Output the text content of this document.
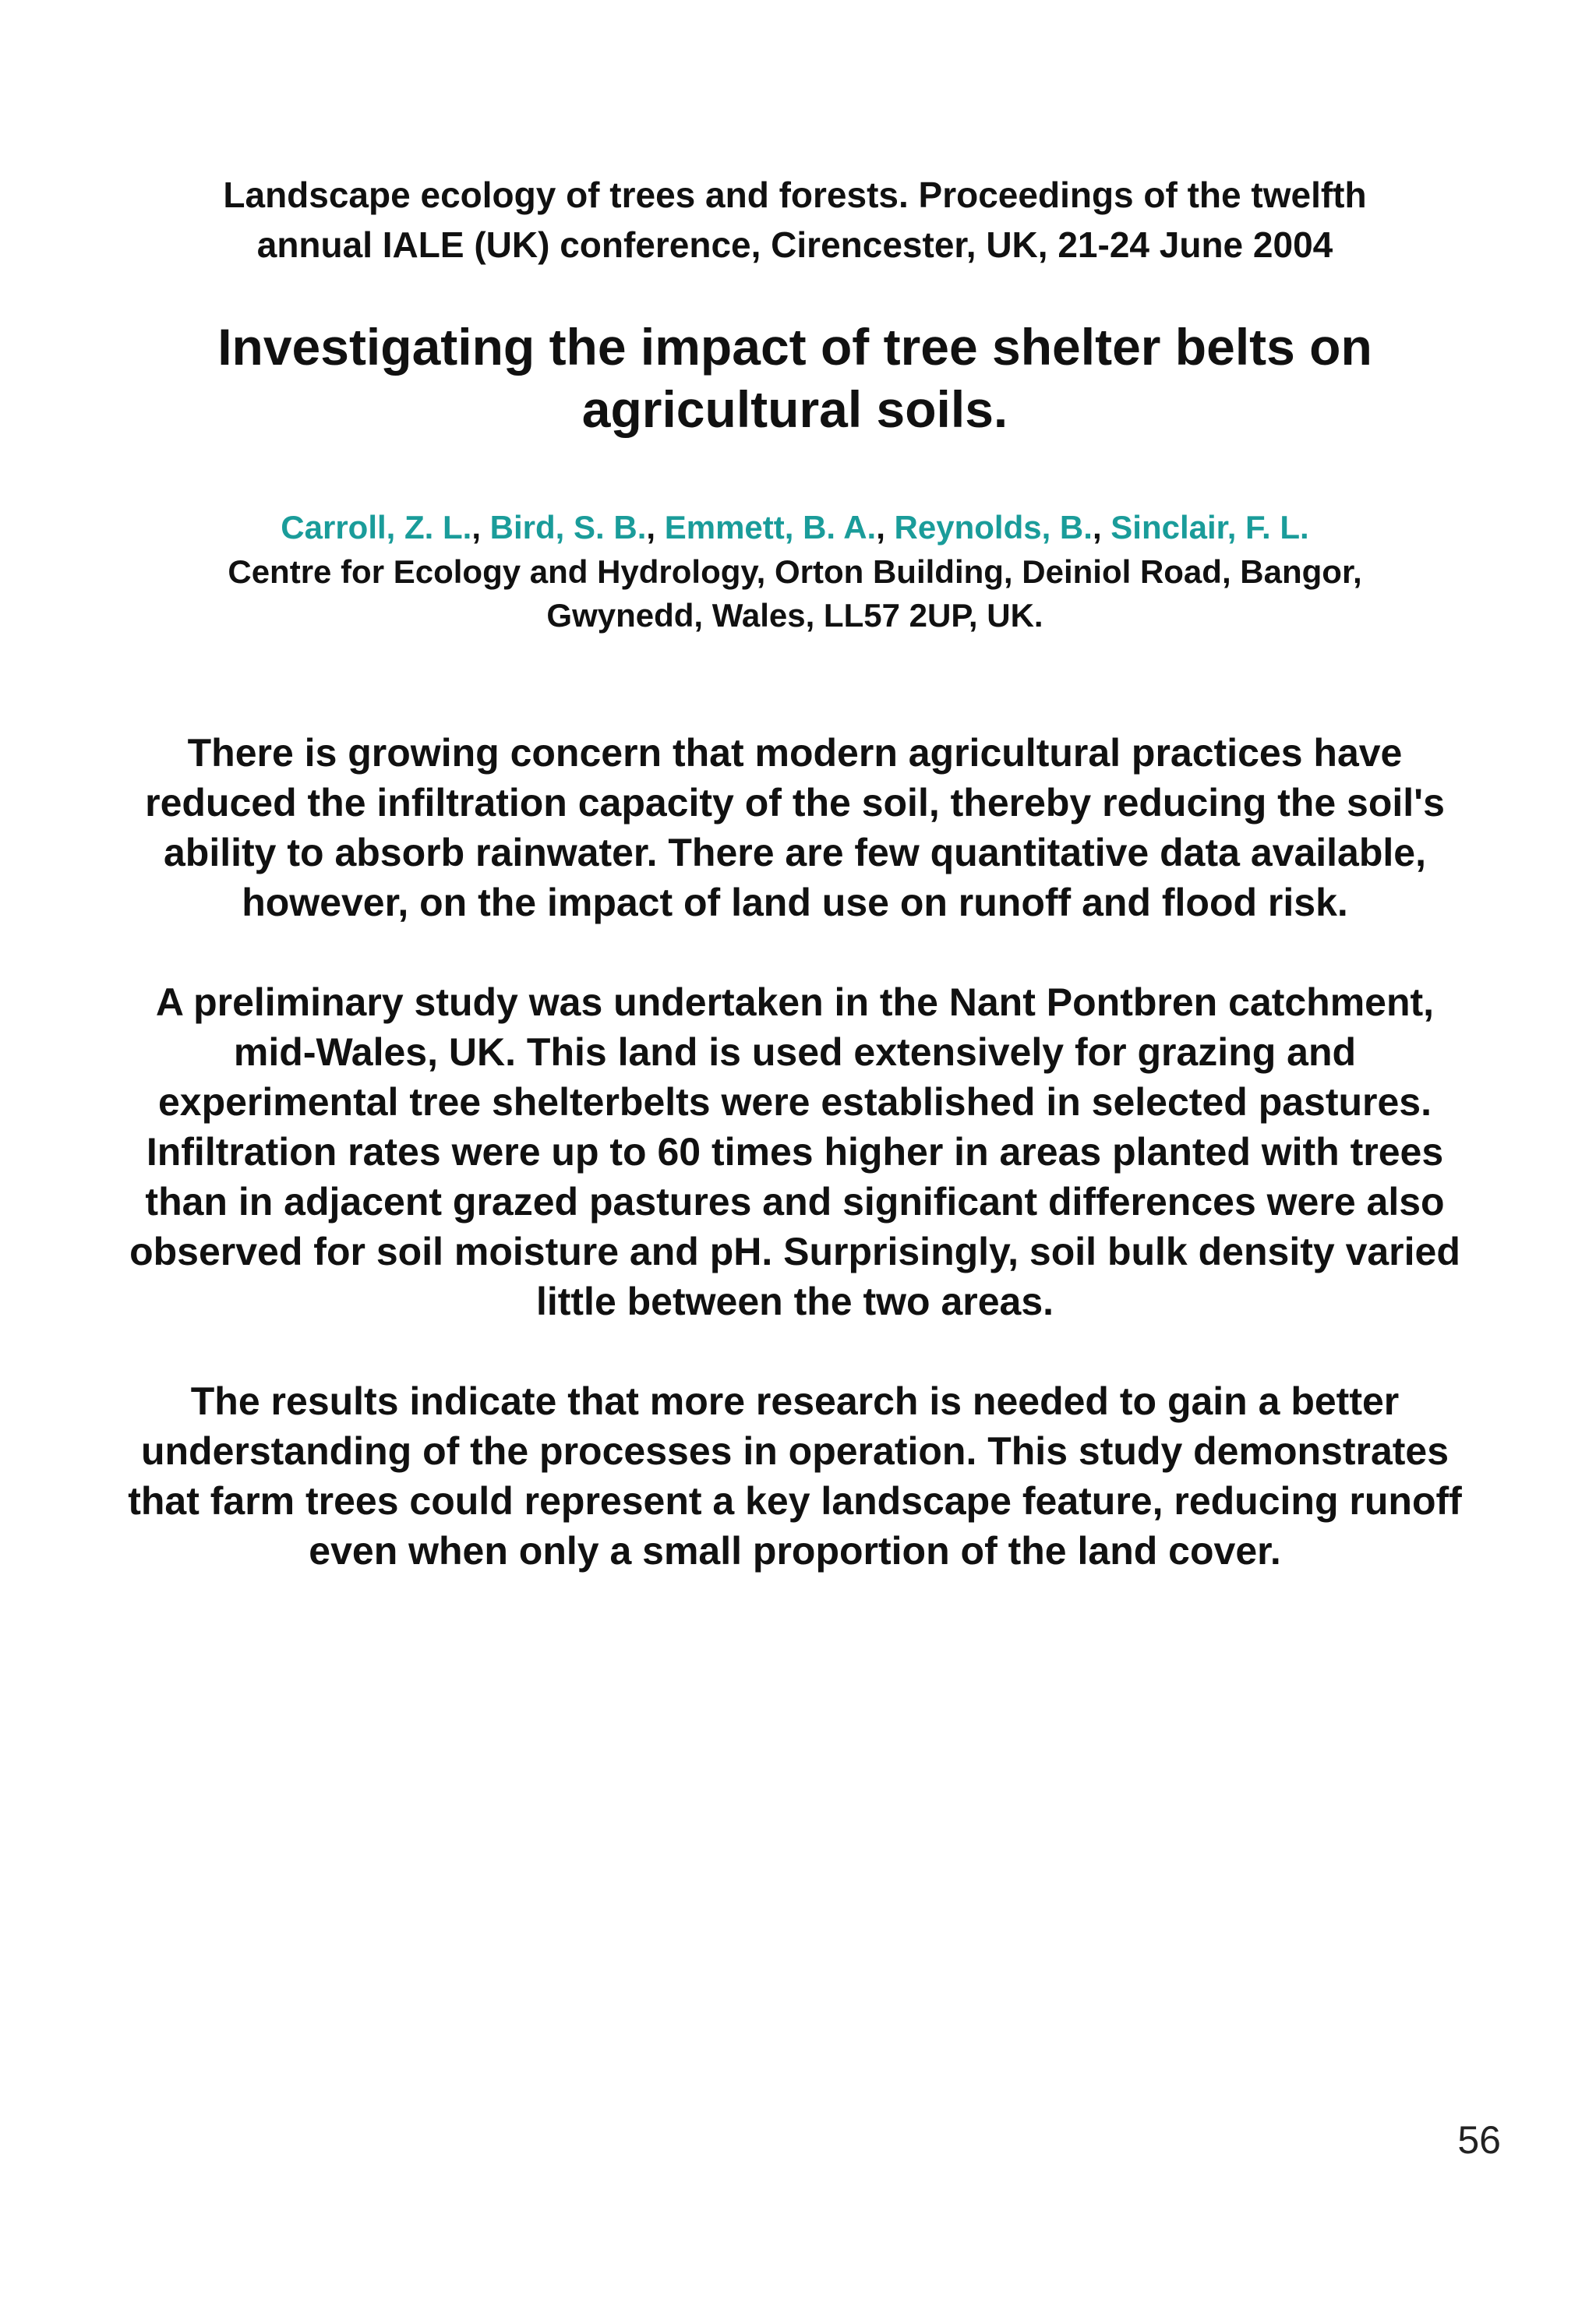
Landscape ecology of trees and forests. Proceedings of the twelfth
annual IALE (UK) conference, Cirencester, UK, 21-24 June 2004
Investigating the impact of tree shelter belts on
agricultural soils.
Carroll, Z. L., Bird, S. B., Emmett, B. A., Reynolds, B., Sinclair, F. L.
Centre for Ecology and Hydrology, Orton Building, Deiniol Road, Bangor,
Gwynedd, Wales, LL57 2UP, UK.

There is growing concern that modern agricultural practices have reduced the infiltration capacity of the soil, thereby reducing the soil's ability to absorb rainwater. There are few quantitative data available, however, on the impact of land use on runoff and flood risk.

A preliminary study was undertaken in the Nant Pontbren catchment, mid-Wales, UK. This land is used extensively for grazing and experimental tree shelterbelts were established in selected pastures. Infiltration rates were up to 60 times higher in areas planted with trees than in adjacent grazed pastures and significant differences were also observed for soil moisture and pH. Surprisingly, soil bulk density varied little between the two areas.

The results indicate that more research is needed to gain a better understanding of the processes in operation. This study demonstrates that farm trees could represent a key landscape feature, reducing runoff even when only a small proportion of the land cover.

56
